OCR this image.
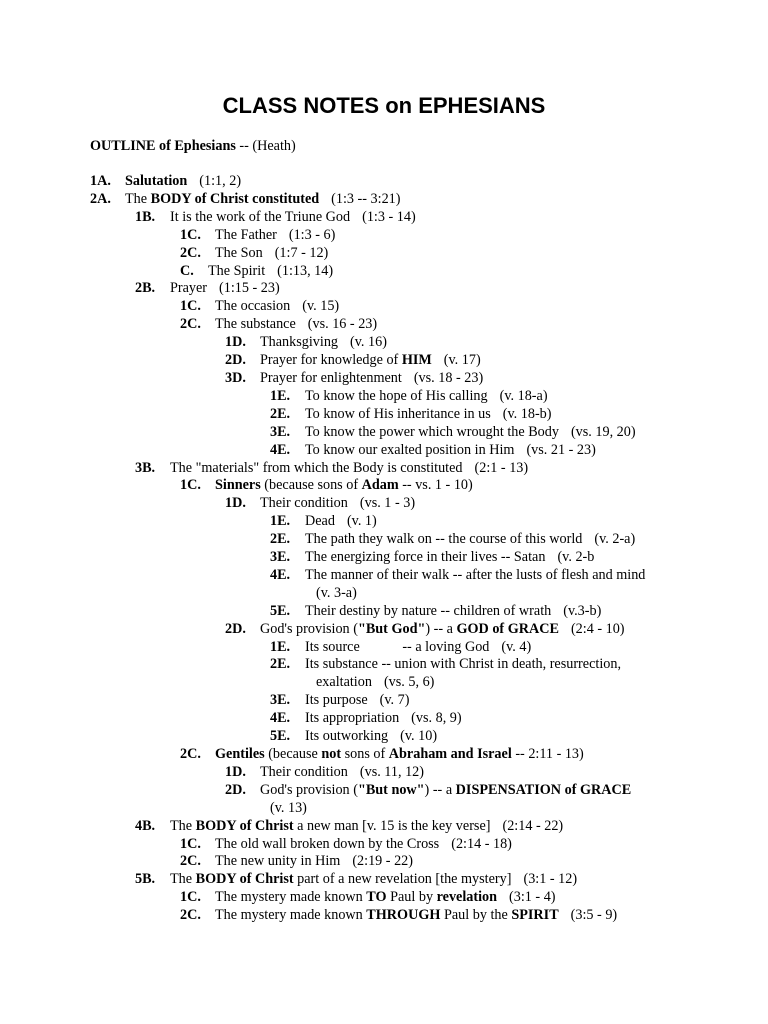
CLASS NOTES on EPHESIANS
OUTLINE of Ephesians -- (Heath)
1A. Salutation (1:1, 2)
2A. The BODY of Christ constituted (1:3 -- 3:21)
1B. It is the work of the Triune God (1:3 - 14)
1C. The Father (1:3 - 6)
2C. The Son (1:7 - 12)
C. The Spirit (1:13, 14)
2B. Prayer (1:15 - 23)
1C. The occasion (v. 15)
2C. The substance (vs. 16 - 23)
1D. Thanksgiving (v. 16)
2D. Prayer for knowledge of HIM (v. 17)
3D. Prayer for enlightenment (vs. 18 - 23)
1E. To know the hope of His calling (v. 18-a)
2E. To know of His inheritance in us (v. 18-b)
3E. To know the power which wrought the Body (vs. 19, 20)
4E. To know our exalted position in Him (vs. 21 - 23)
3B. The "materials" from which the Body is constituted (2:1 - 13)
1C. Sinners (because sons of Adam -- vs. 1 - 10)
1D. Their condition (vs. 1 - 3)
1E. Dead (v. 1)
2E. The path they walk on -- the course of this world (v. 2-a)
3E. The energizing force in their lives -- Satan (v. 2-b
4E. The manner of their walk -- after the lusts of flesh and mind
(v. 3-a)
5E. Their destiny by nature -- children of wrath (v.3-b)
2D. God's provision ("But God") -- a GOD of GRACE (2:4 - 10)
1E. Its source            -- a loving God (v. 4)
2E. Its substance -- union with Christ in death, resurrection,
exaltation (vs. 5, 6)
3E. Its purpose (v. 7)
4E. Its appropriation (vs. 8, 9)
5E. Its outworking (v. 10)
2C. Gentiles (because not sons of Abraham and Israel -- 2:11 - 13)
1D. Their condition (vs. 11, 12)
2D. God's provision ("But now") -- a DISPENSATION of GRACE
(v. 13)
4B. The BODY of Christ a new man [v. 15 is the key verse] (2:14 - 22)
1C. The old wall broken down by the Cross (2:14 - 18)
2C. The new unity in Him (2:19 - 22)
5B. The BODY of Christ part of a new revelation [the mystery] (3:1 - 12)
1C. The mystery made known TO Paul by revelation (3:1 - 4)
2C. The mystery made known THROUGH Paul by the SPIRIT (3:5 - 9)
